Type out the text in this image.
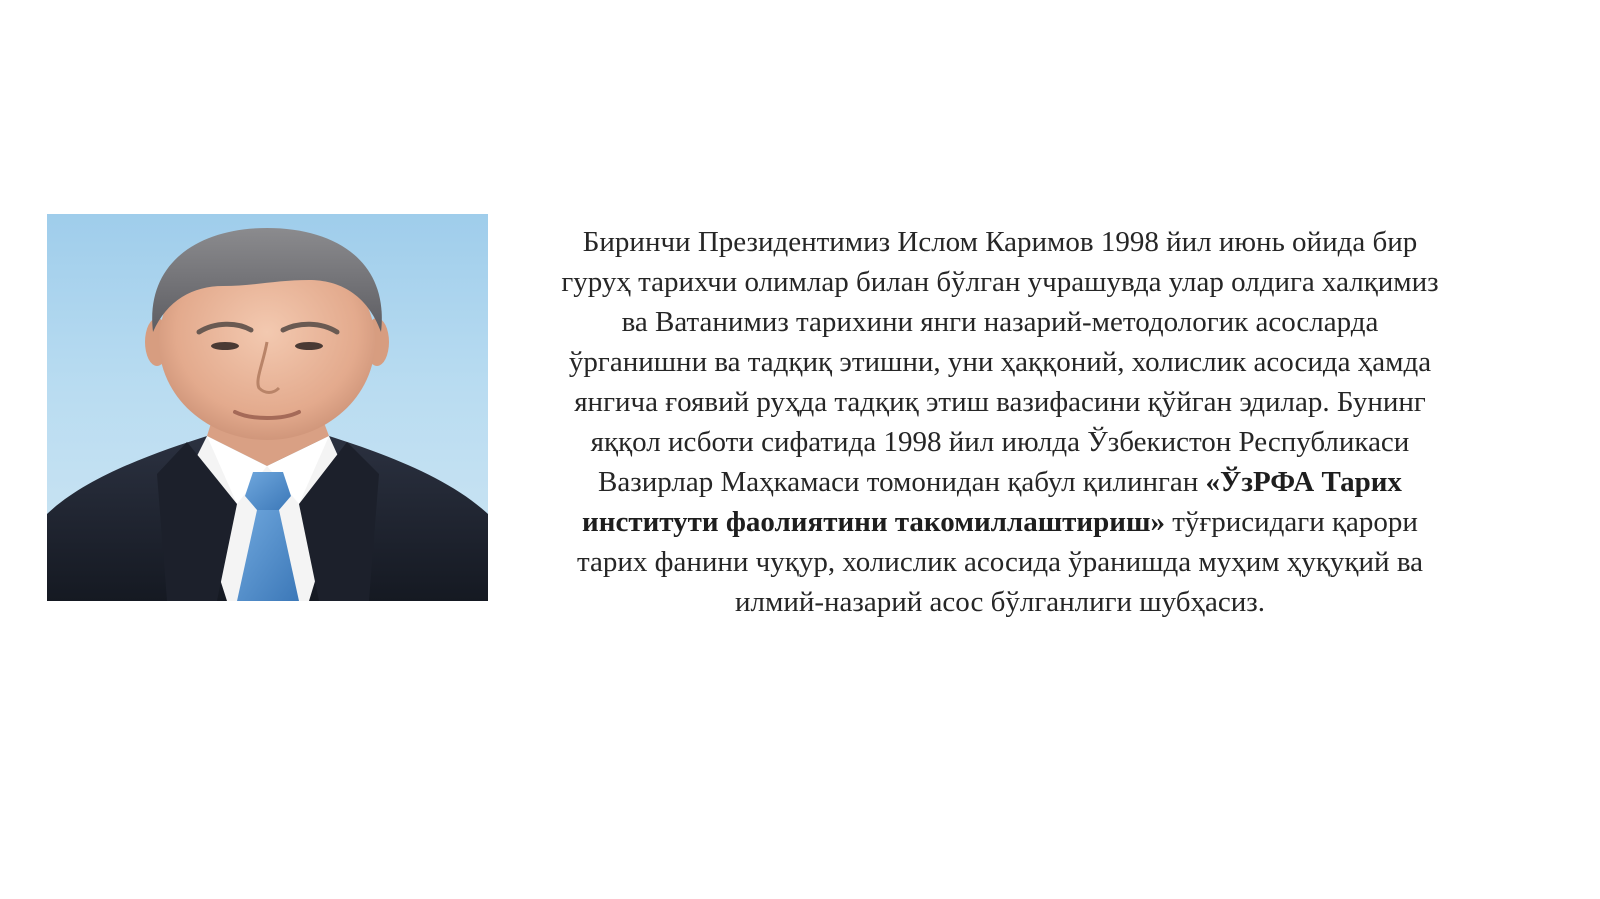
Биринчи Президентимиз Ислом Каримов 1998 йил июнь ойида бир гуруҳ тарихчи олимлар билан бўлган учрашувда улар олдига халқимиз ва Ватанимиз тарихини янги назарий-методологик асосларда ўрганишни ва тадқиқ этишни, уни ҳаққоний, холислик асосида ҳамда янгича ғоявий руҳда тадқиқ этиш вазифасини қўйган эдилар. Бунинг яққол исботи сифатида 1998 йил июлда Ўзбекистон Республикаси Вазирлар Маҳкамаси томонидан қабул қилинган «ЎзРФА Тарих институти фаолиятини такомиллаштириш» тўғрисидаги қарори тарих фанини чуқур, холислик асосида ўранишда муҳим ҳуқуқий ва илмий-назарий асос бўлганлиги шубҳасиз.
